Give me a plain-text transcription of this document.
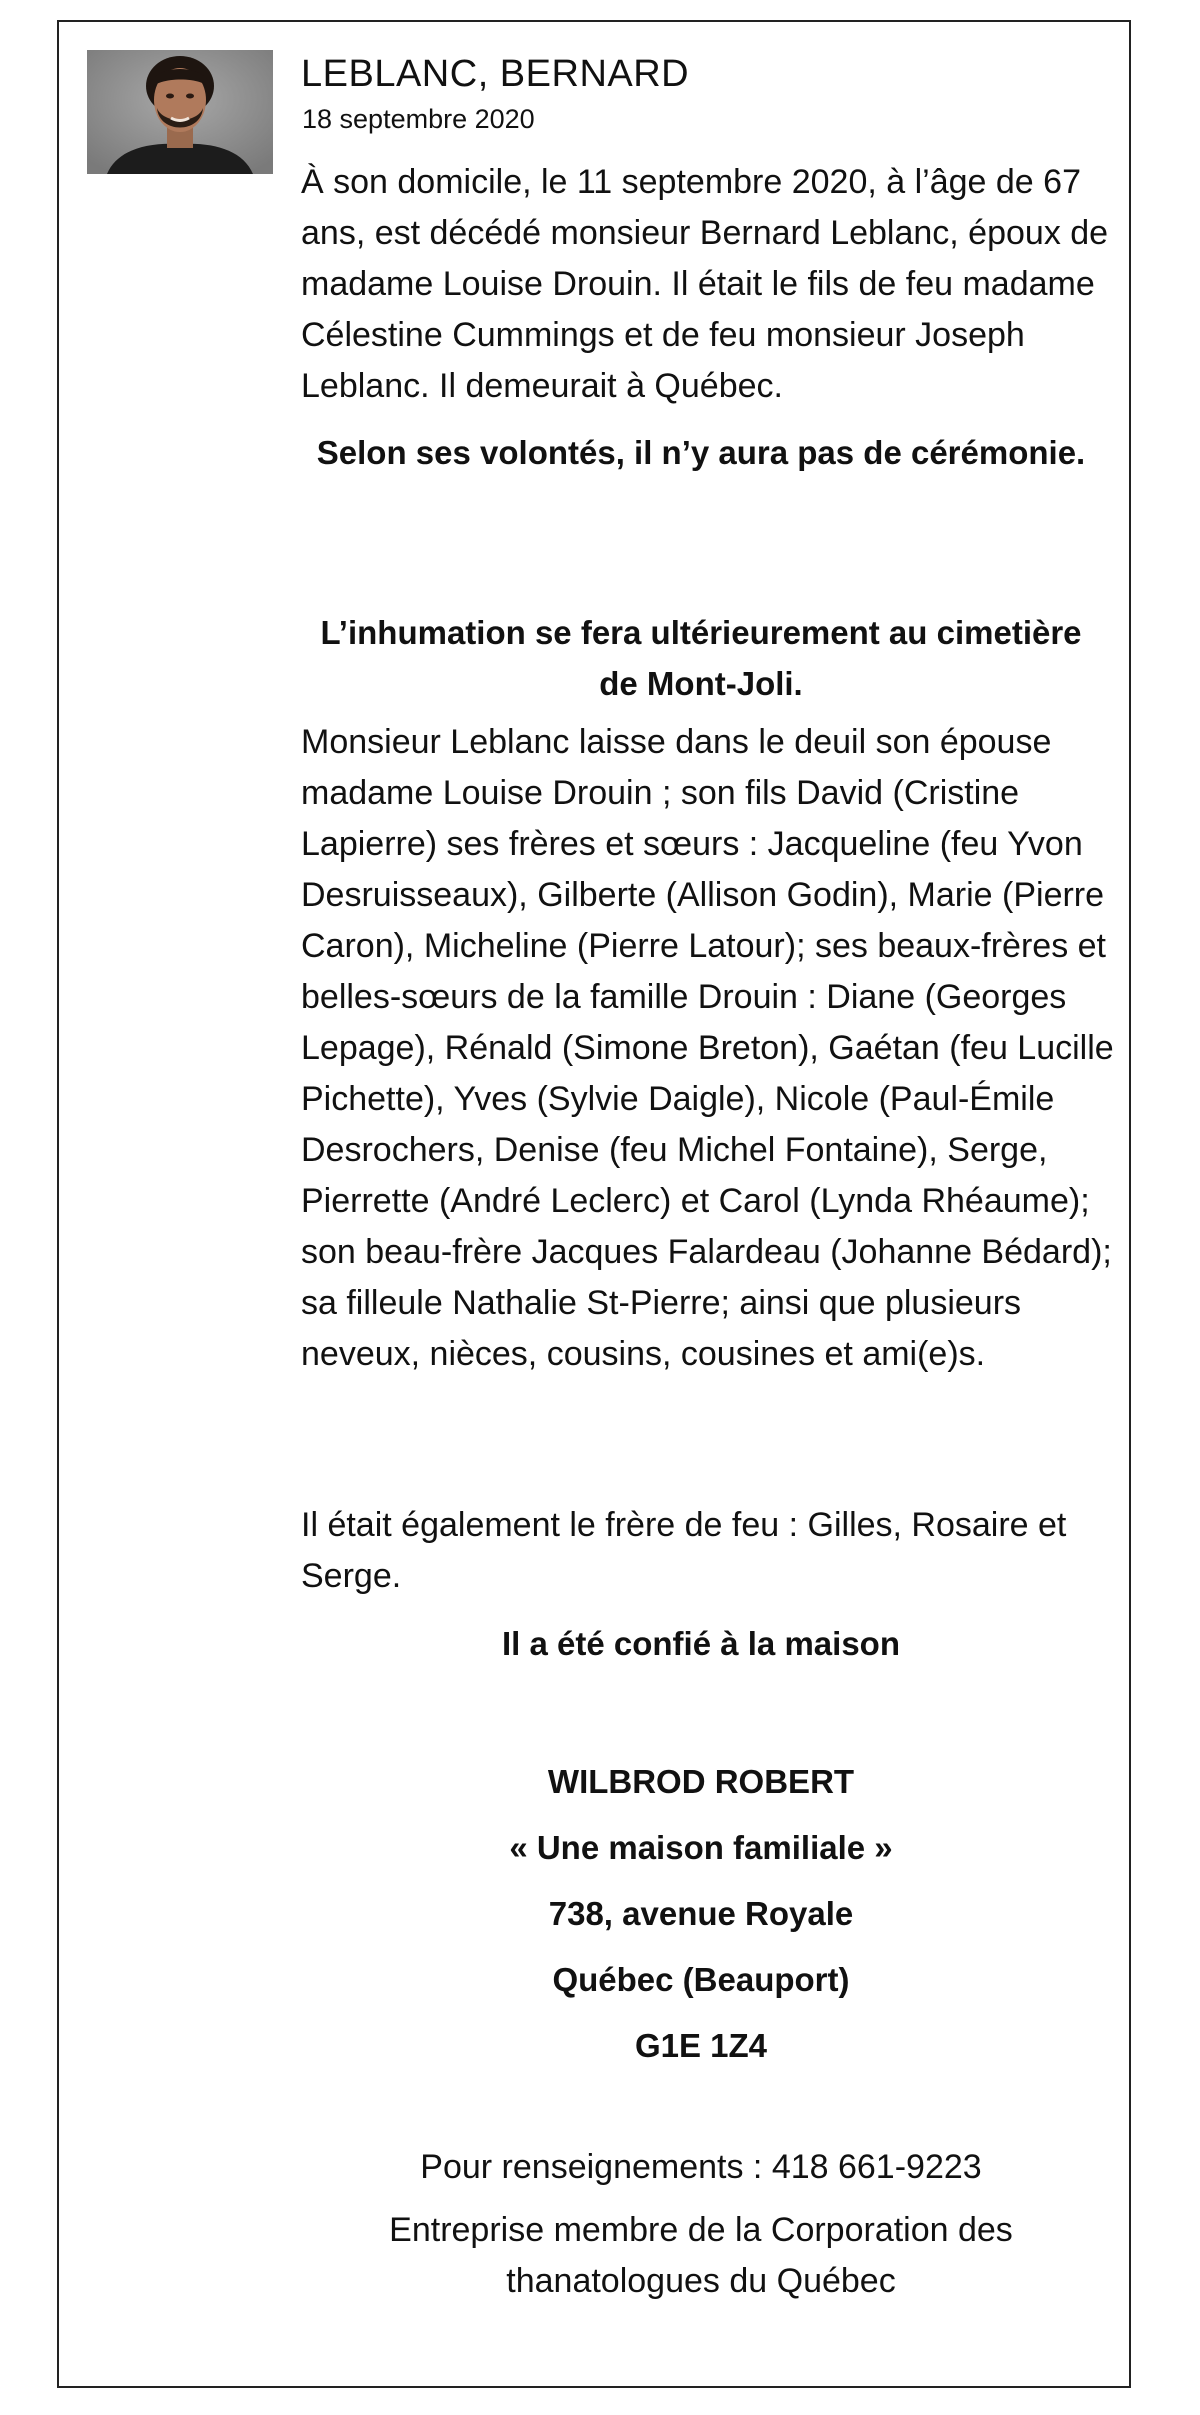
LEBLANC, BERNARD
18 septembre 2020
À son domicile, le 11 septembre 2020, à l’âge de 67 ans, est décédé monsieur Bernard Leblanc, époux de madame Louise Drouin. Il était le fils de feu madame Célestine Cummings et de feu monsieur Joseph Leblanc. Il demeurait à Québec.
Selon ses volontés, il n’y aura pas de cérémonie.
L’inhumation se fera ultérieurement au cimetière de Mont-Joli.
Monsieur Leblanc laisse dans le deuil son épouse madame Louise Drouin ; son fils David (Cristine Lapierre) ses frères et sœurs : Jacqueline (feu Yvon Desruisseaux), Gilberte (Allison Godin), Marie (Pierre Caron), Micheline (Pierre Latour); ses beaux-frères et belles-sœurs de la famille Drouin : Diane (Georges Lepage), Rénald (Simone Breton), Gaétan (feu Lucille Pichette), Yves (Sylvie Daigle), Nicole (Paul-Émile Desrochers, Denise (feu Michel Fontaine), Serge, Pierrette (André Leclerc) et Carol (Lynda Rhéaume); son beau-frère Jacques Falardeau (Johanne Bédard); sa filleule Nathalie St-Pierre; ainsi que plusieurs neveux, nièces, cousins, cousines et ami(e)s.
Il était également le frère de feu : Gilles, Rosaire et Serge.
Il a été confié à la maison
WILBROD ROBERT
« Une maison familiale »
738, avenue Royale
Québec (Beauport)
G1E 1Z4
Pour renseignements : 418 661-9223
Entreprise membre de la Corporation des thanatologues du Québec
